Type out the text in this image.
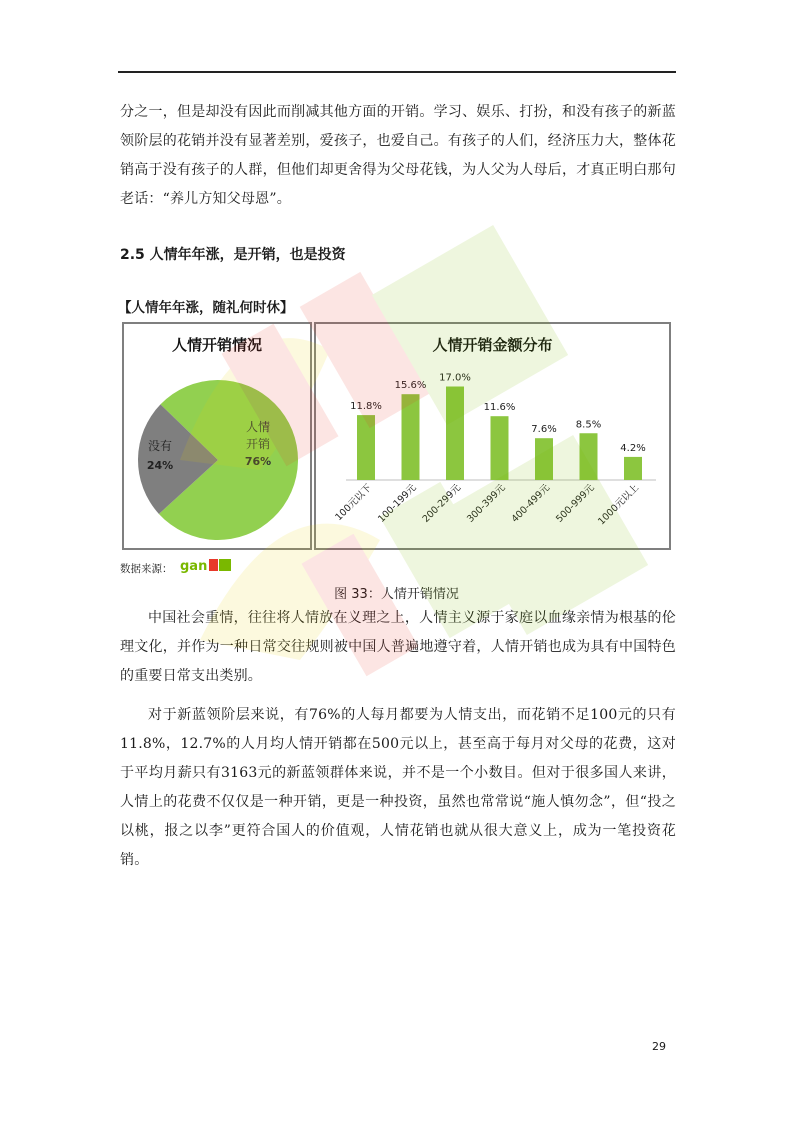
分之一，但是却没有因此而削减其他方面的开销。学习、娱乐、打扮，和没有孩子的新蓝领阶层的花销并没有显著差别，爱孩子，也爱自己。有孩子的人们，经济压力大，整体花销高于没有孩子的人群，但他们却更舍得为父母花钱，为人父为人母后，才真正明白那句老话：“养儿方知父母恩”。

2.5 人情年年涨，是开销，也是投资
【人情年年涨，随礼何时休】
人情开销情况
人情
开销
76%
没有
24%
人情开销金额分布
11.8%
100元以下
15.6%
100-199元
17.0%
200-299元
11.6%
300-399元
7.6%
400-499元
8.5%
500-999元
4.2%
1000元以上
数据来源： gan
图 33：人情开销情况

中国社会重情，往往将人情放在义理之上，人情主义源于家庭以血缘亲情为根基的伦理文化，并作为一种日常交往规则被中国人普遍地遵守着，人情开销也成为具有中国特色的重要日常支出类别。

对于新蓝领阶层来说，有76%的人每月都要为人情支出，而花销不足100元的只有11.8%，12.7%的人月均人情开销都在500元以上，甚至高于每月对父母的花费，这对于平均月薪只有3163元的新蓝领群体来说，并不是一个小数目。但对于很多国人来讲，人情上的花费不仅仅是一种开销，更是一种投资，虽然也常常说“施人慎勿念”，但“投之以桃，报之以李”更符合国人的价值观，人情花销也就从很大意义上，成为一笔投资花销。

29
